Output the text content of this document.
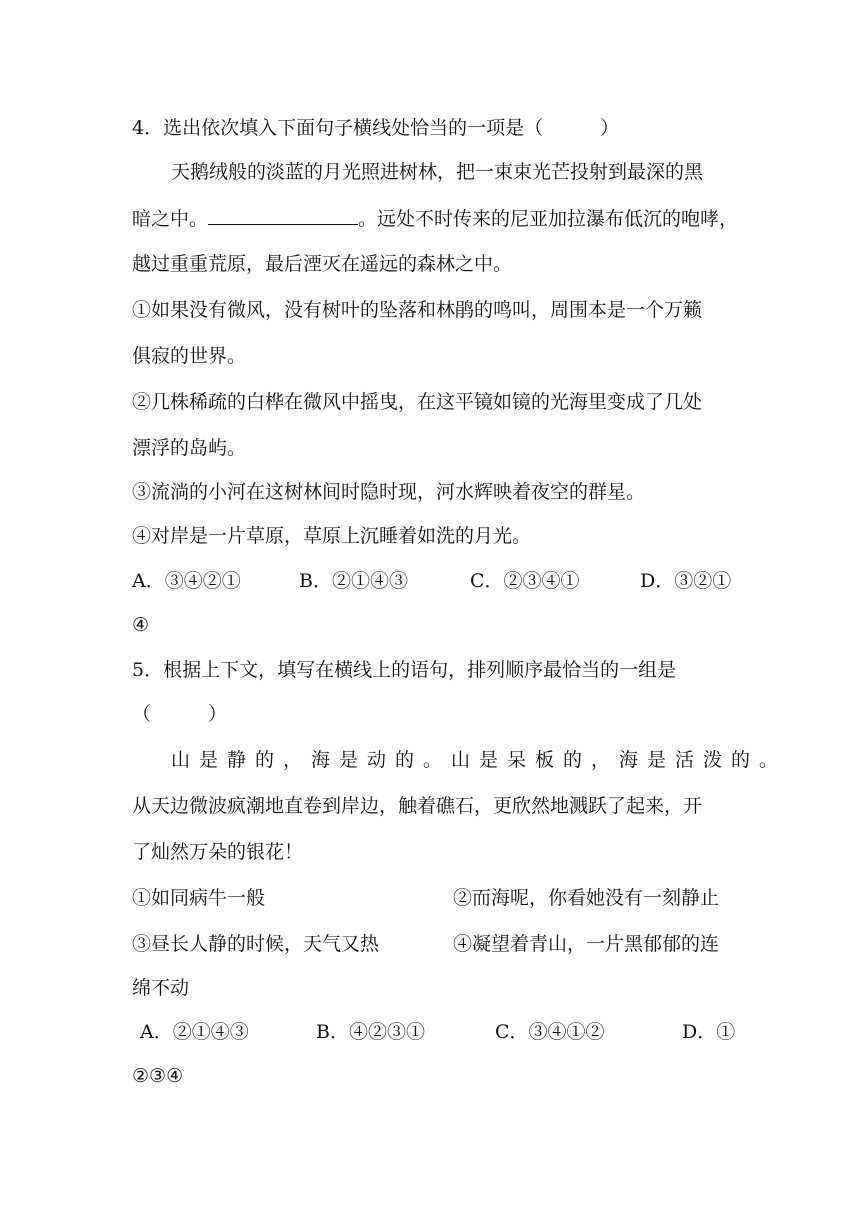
4．选出依次填入下面句子横线处恰当的一项是（　　　）
天鹅绒般的淡蓝的月光照进树林，把一束束光芒投射到最深的黑
暗之中。	。远处不时传来的尼亚加拉瀑布低沉的咆哮，
越过重重荒原，最后湮灭在遥远的森林之中。
①如果没有微风，没有树叶的坠落和林鹃的鸣叫，周围本是一个万籁
俱寂的世界。
②几株稀疏的白桦在微风中摇曳，在这平镜如镜的光海里变成了几处
漂浮的岛屿。
③流淌的小河在这树林间时隐时现，河水辉映着夜空的群星。
④对岸是一片草原，草原上沉睡着如洗的月光。
A．③④②①	B．②①④③	C．②③④①	D．③②①
④
5．根据上下文，填写在横线上的语句，排列顺序最恰当的一组是
（　　　）
山是静的，海是动的。山是呆板的，海是活泼的。
从天边微波疯潮地直卷到岸边，触着礁石，更欣然地溅跃了起来，开
了灿然万朵的银花！
①如同病牛一般	②而海呢，你看她没有一刻静止
③昼长人静的时候，天气又热	④凝望着青山，一片黑郁郁的连
绵不动
A．②①④③	B．④②③①	C．③④①②	D．①
②③④
